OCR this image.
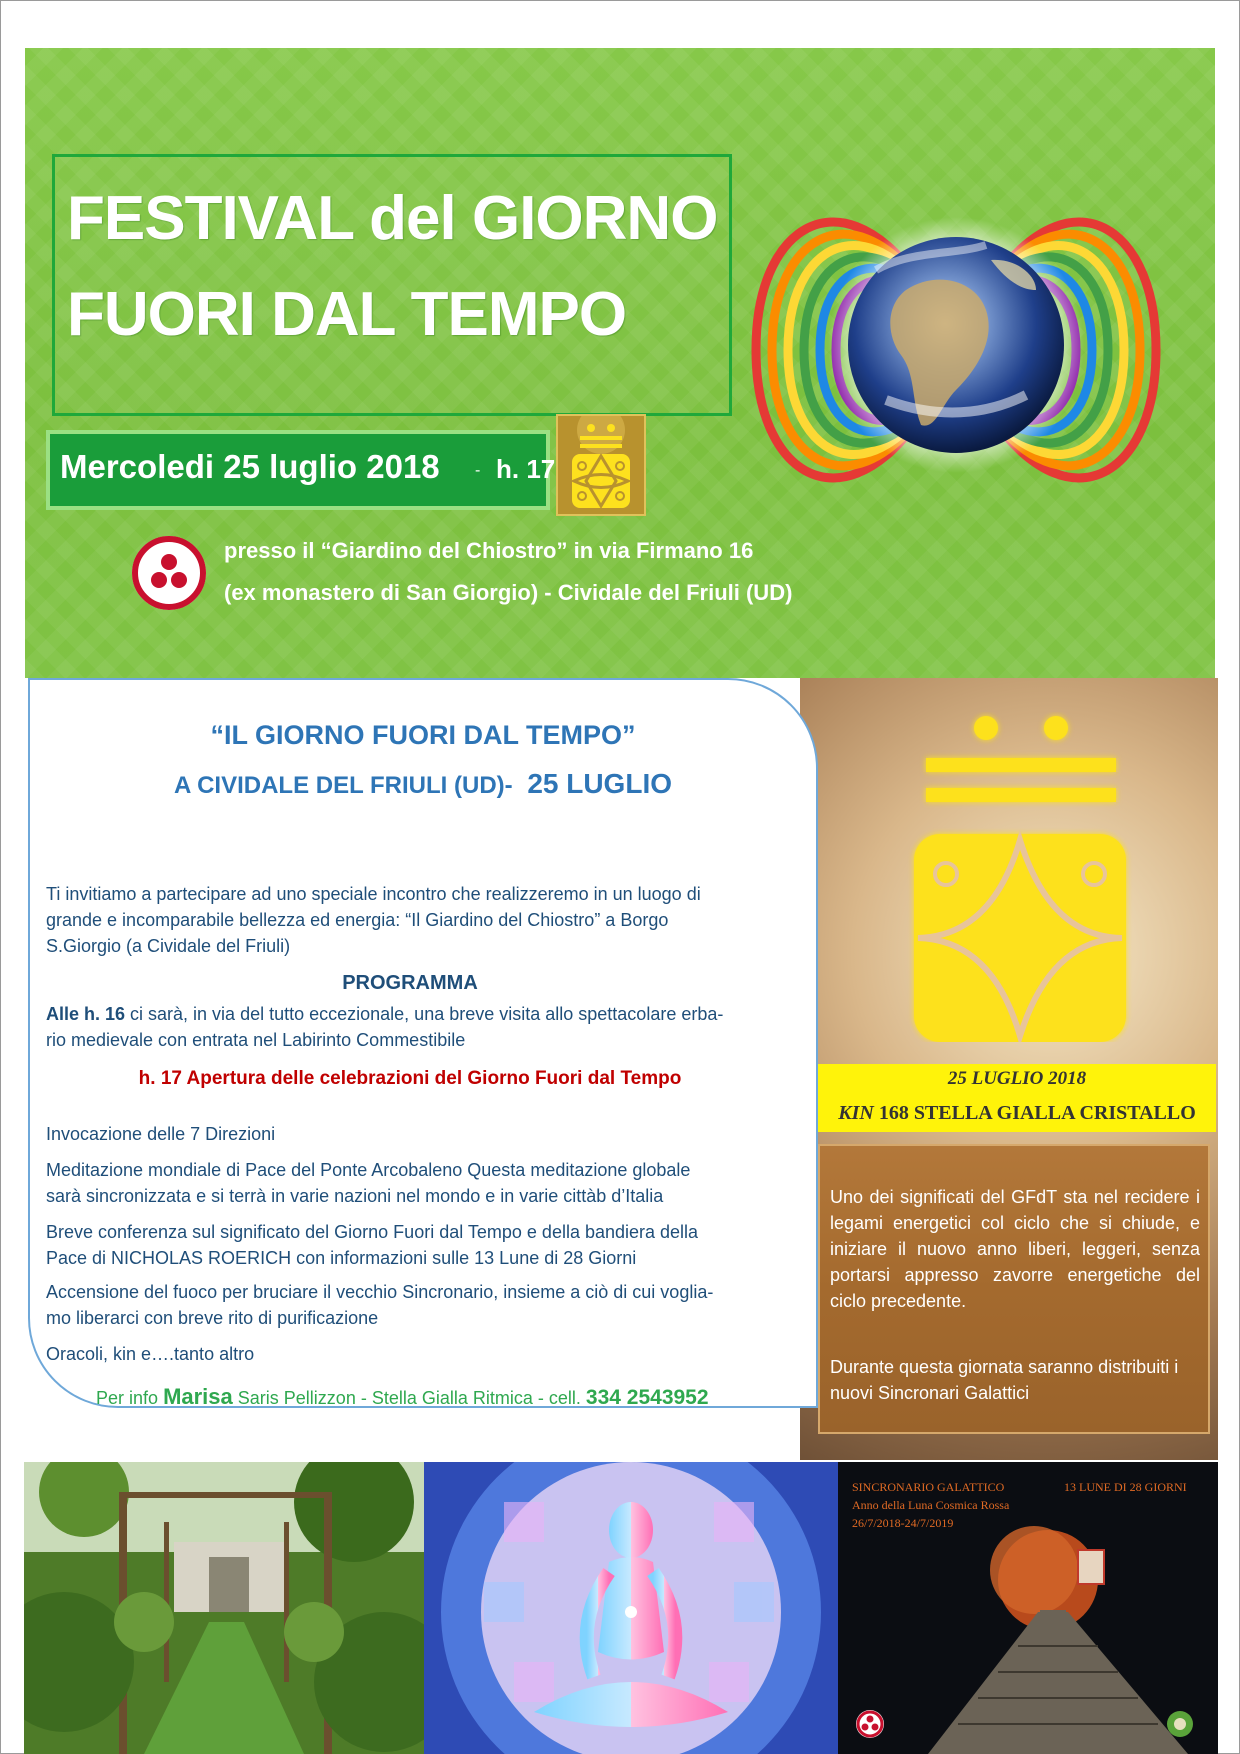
FESTIVAL del GIORNO
FUORI DAL TEMPO
Mercoledi 25 luglio 2018 - h. 17
presso il “Giardino del Chiostro” in via Firmano 16
(ex monastero di San Giorgio) - Cividale del Friuli (UD)
25 LUGLIO 2018
KIN 168 STELLA GIALLA CRISTALLO
Uno dei significati del GFdT sta nel recidere i legami energetici col ciclo che si chiude, e iniziare il nuovo anno liberi, leggeri, senza portarsi appresso zavorre energetiche del ciclo precedente.
Durante questa giornata saranno distribuiti i nuovi Sincronari Galattici
“IL GIORNO FUORI DAL TEMPO”
A CIVIDALE DEL FRIULI (UD)- 25 LUGLIO
Ti invitiamo a partecipare ad uno speciale incontro che realizzeremo in un luogo di
grande e incomparabile bellezza ed energia: “Il Giardino del Chiostro” a Borgo
S.Giorgio (a Cividale del Friuli)
PROGRAMMA
Alle h. 16 ci sarà, in via del tutto eccezionale, una breve visita allo spettacolare erba-
rio medievale con entrata nel Labirinto Commestibile
h. 17 Apertura delle celebrazioni del Giorno Fuori dal Tempo
Invocazione delle 7 Direzioni
Meditazione mondiale di Pace del Ponte Arcobaleno Questa meditazione globale
sarà sincronizzata e si terrà in varie nazioni nel mondo e in varie cittàb d’Italia
Breve conferenza sul significato del Giorno Fuori dal Tempo e della bandiera della
Pace di NICHOLAS ROERICH con informazioni sulle 13 Lune di 28 Giorni
Accensione del fuoco per bruciare il vecchio Sincronario, insieme a ciò di cui voglia-
mo liberarci con breve rito di purificazione
Oracoli, kin e….tanto altro
Per info Marisa Saris Pellizzon - Stella Gialla Ritmica - cell. 334 2543952
SINCRONARIO GALATTICO	13 LUNE DI 28 GIORNI
Anno della Luna Cosmica Rossa
26/7/2018-24/7/2019
